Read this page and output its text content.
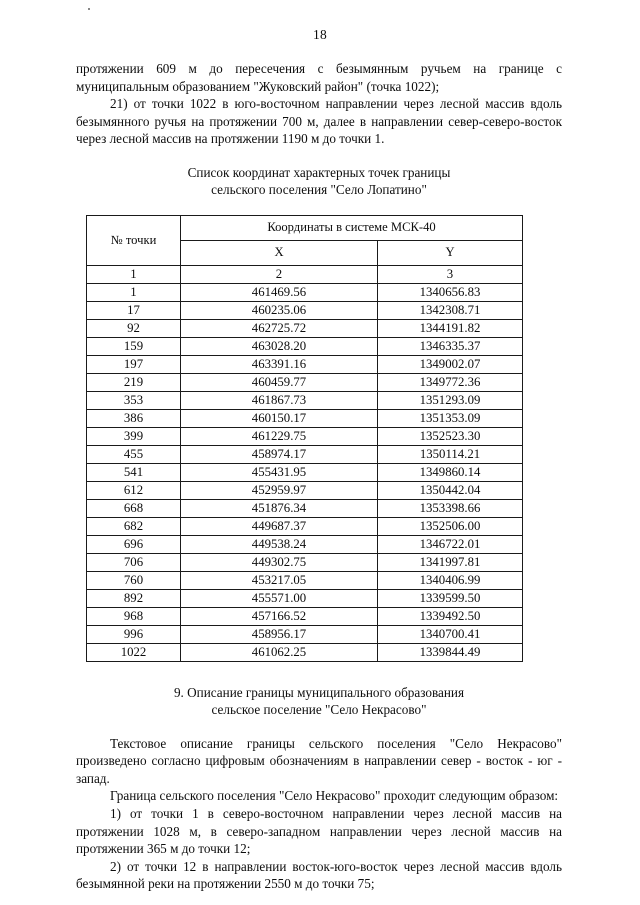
18

протяжении 609 м до пересечения с безымянным ручьем на границе с муниципальным образованием "Жуковский район" (точка 1022);

21) от точки 1022 в юго-восточном направлении через лесной массив вдоль безымянного ручья на протяжении 700 м, далее в направлении север-северо-восток через лесной массив на протяжении 1190 м до точки 1.

Список координат характерных точек границы
сельского поселения "Село Лопатино"
№ точки	Координаты в системе МСК-40	
	X	Y
1	2	3
1	461469.56	1340656.83
17	460235.06	1342308.71
92	462725.72	1344191.82
159	463028.20	1346335.37
197	463391.16	1349002.07
219	460459.77	1349772.36
353	461867.73	1351293.09
386	460150.17	1351353.09
399	461229.75	1352523.30
455	458974.17	1350114.21
541	455431.95	1349860.14
612	452959.97	1350442.04
668	451876.34	1353398.66
682	449687.37	1352506.00
696	449538.24	1346722.01
706	449302.75	1341997.81
760	453217.05	1340406.99
892	455571.00	1339599.50
968	457166.52	1339492.50
996	458956.17	1340700.41
1022	461062.25	1339844.49
9. Описание границы муниципального образования
сельское поселение "Село Некрасово"

Текстовое описание границы сельского поселения "Село Некрасово" произведено согласно цифровым обозначениям в направлении север - восток - юг - запад.

Граница сельского поселения "Село Некрасово" проходит следующим образом:

1) от точки 1 в северо-восточном направлении через лесной массив на протяжении 1028 м, в северо-западном направлении через лесной массив на протяжении 365 м до точки 12;

2) от точки 12 в направлении восток-юго-восток через лесной массив вдоль безымянной реки на протяжении 2550 м до точки 75;
